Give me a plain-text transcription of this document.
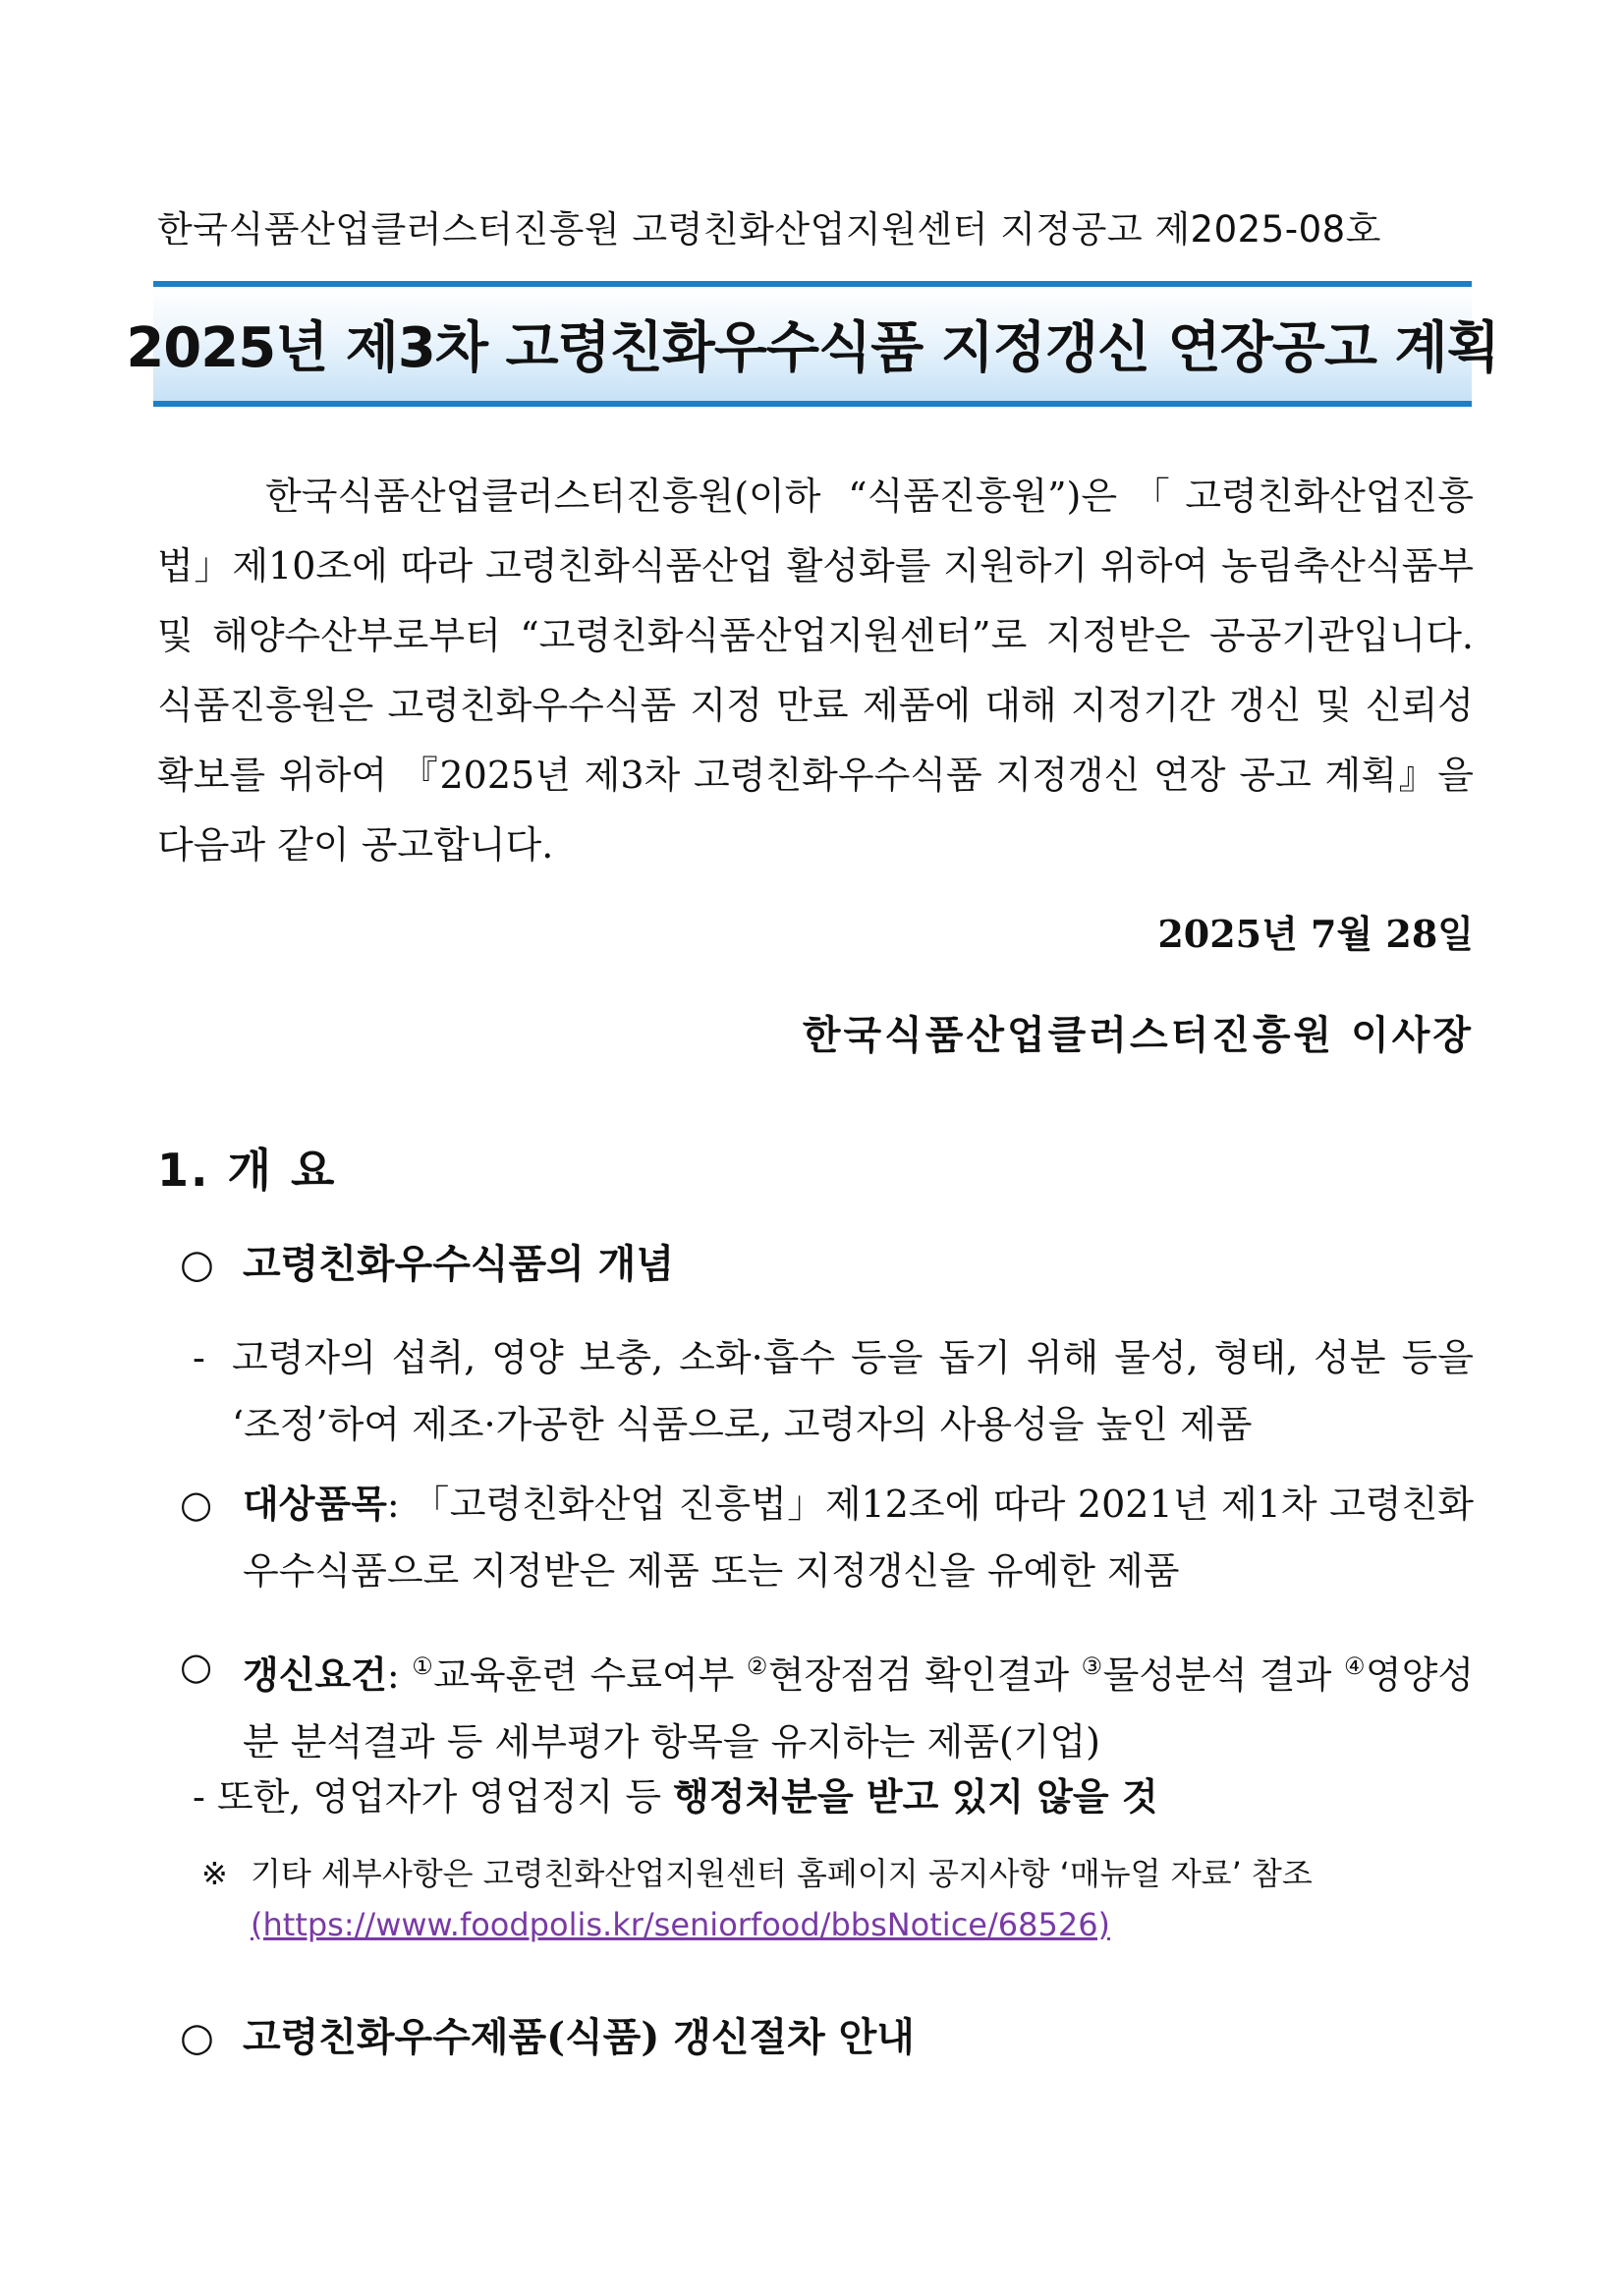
한국식품산업클러스터진흥원 고령친화산업지원센터 지정공고 제2025-08호
2025년 제3차 고령친화우수식품 지정갱신 연장공고 계획
한국식품산업클러스터진흥원(이하 “식품진흥원”)은「고령친화산업진흥법」제10조에 따라 고령친화식품산업 활성화를 지원하기 위하여 농림축산식품부 및 해양수산부로부터 “고령친화식품산업지원센터”로 지정받은 공공기관입니다. 식품진흥원은 고령친화우수식품 지정 만료 제품에 대해 지정기간 갱신 및 신뢰성 확보를 위하여 『2025년 제3차 고령친화우수식품 지정갱신 연장 공고 계획』을 다음과 같이 공고합니다.
2025년 7월 28일
한국식품산업클러스터진흥원 이사장
1. 개 요
○ 고령친화우수식품의 개념
- 고령자의 섭취, 영양 보충, 소화·흡수 등을 돕기 위해 물성, 형태, 성분 등을 ‘조정’하여 제조·가공한 식품으로, 고령자의 사용성을 높인 제품
○ 대상품목: 「고령친화산업 진흥법」제12조에 따라 2021년 제1차 고령친화우수식품으로 지정받은 제품 또는 지정갱신을 유예한 제품
○ 갱신요건: ①교육훈련 수료여부 ②현장점검 확인결과 ③물성분석 결과 ④영양성분 분석결과 등 세부평가 항목을 유지하는 제품(기업)
- 또한, 영업자가 영업정지 등 행정처분을 받고 있지 않을 것
※ 기타 세부사항은 고령친화산업지원센터 홈페이지 공지사항 ‘매뉴얼 자료’ 참조
(https://www.foodpolis.kr/seniorfood/bbsNotice/68526)
○ 고령친화우수제품(식품) 갱신절차 안내
